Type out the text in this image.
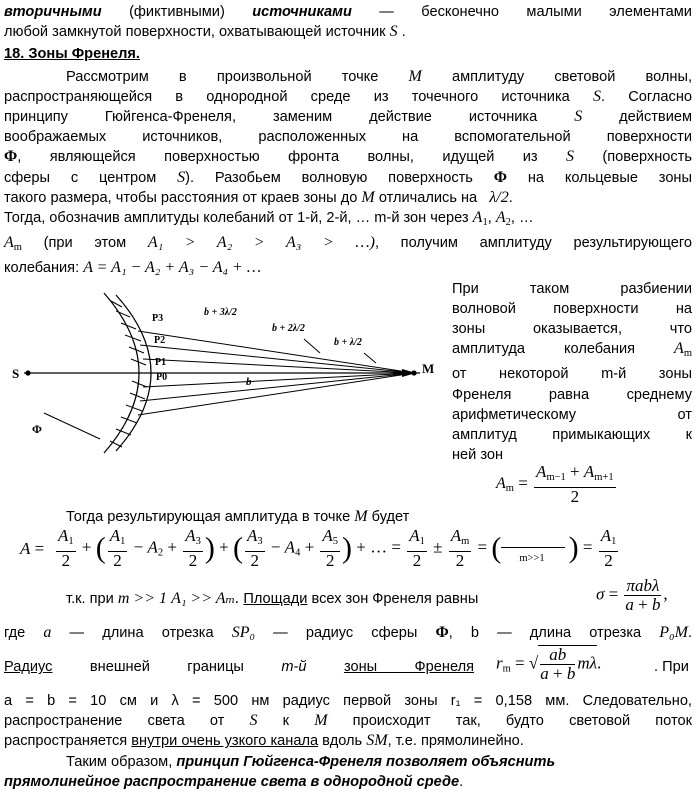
вторичными (фиктивными) источниками — бесконечно малыми элементами
любой замкнутой поверхности, охватывающей источник S .
18. Зоны Френеля.
Рассмотрим в произвольной точке M амплитуду световой волны,
распространяющейся в однородной среде из точечного источника S. Согласно
принципу Гюйгенса-Френеля, заменим действие источника S	действием
воображаемых источников, расположенных на вспомогательной поверхности
Φ, являющейся поверхностью фронта волны, идущей из S (поверхность
сферы с центром S). Разобьем волновую поверхность Φ на кольцевые зоны
такого размера, чтобы расстояния от краев зоны до M отличались на λ/2.
Тогда, обозначив амплитуды колебаний от 1-й, 2-й, … m-й зон через $A_1$, $A_2$, …
$A_m$ (при этом A₁ > A₂ > A₃ > …), получим амплитуду результирующего
колебания: A = A₁ − A₂ + A₃ − A₄ + …
S	M
Φ
P3
P2
P1
P0	b
b + 3λ/2
b + 2λ/2
b + λ/2
При таком разбиении
волновой поверхности на
зоны оказывается, что
амплитуда колебания $A_m$
от некоторой m-й зоны
Френеля равна среднему
арифметическому от
амплитуд примыкающих к
ней зон
$A_m = \frac{A_{m-1} + A_{m+1}}{2}$
Тогда результирующая амплитуда в точке M будет
$A = \frac{A_1}{2}$ + ( $\frac{A_1}{2} - A_2 + \frac{A_3}{2}$ ) + ( $\frac{A_3}{2} - A_4 + \frac{A_5}{2}$ ) + … = $\frac{A_1}{2} \pm \frac{A_m}{2}$ = ( $_{m>>1}$ ) = $\frac{A_1}{2}$
т.к. при m >> 1 A₁ >> Aₘ. Площади всех зон Френеля равны	$\sigma = \frac{\text{πabλ}}{a + b}$ ,
где a — длина отрезка SP₀ — радиус сферы Φ, b — длина отрезка P₀M.
Радиус	внешней границы	m-й	зоны Френеля $r_m$ = √ $\frac{ab}{a + b} m\lambda$.	. При
a = b = 10 см и λ = 500 нм радиус первой зоны r₁ = 0,158 мм. Следовательно,
распространение света от S к M происходит так, будто световой поток
распространяется внутри очень узкого канала вдоль SM, т.е. прямолинейно.
Таким образом, принцип Гюйгенса-Френеля позволяет объяснить
прямолинейное распространение света в однородной среде.
